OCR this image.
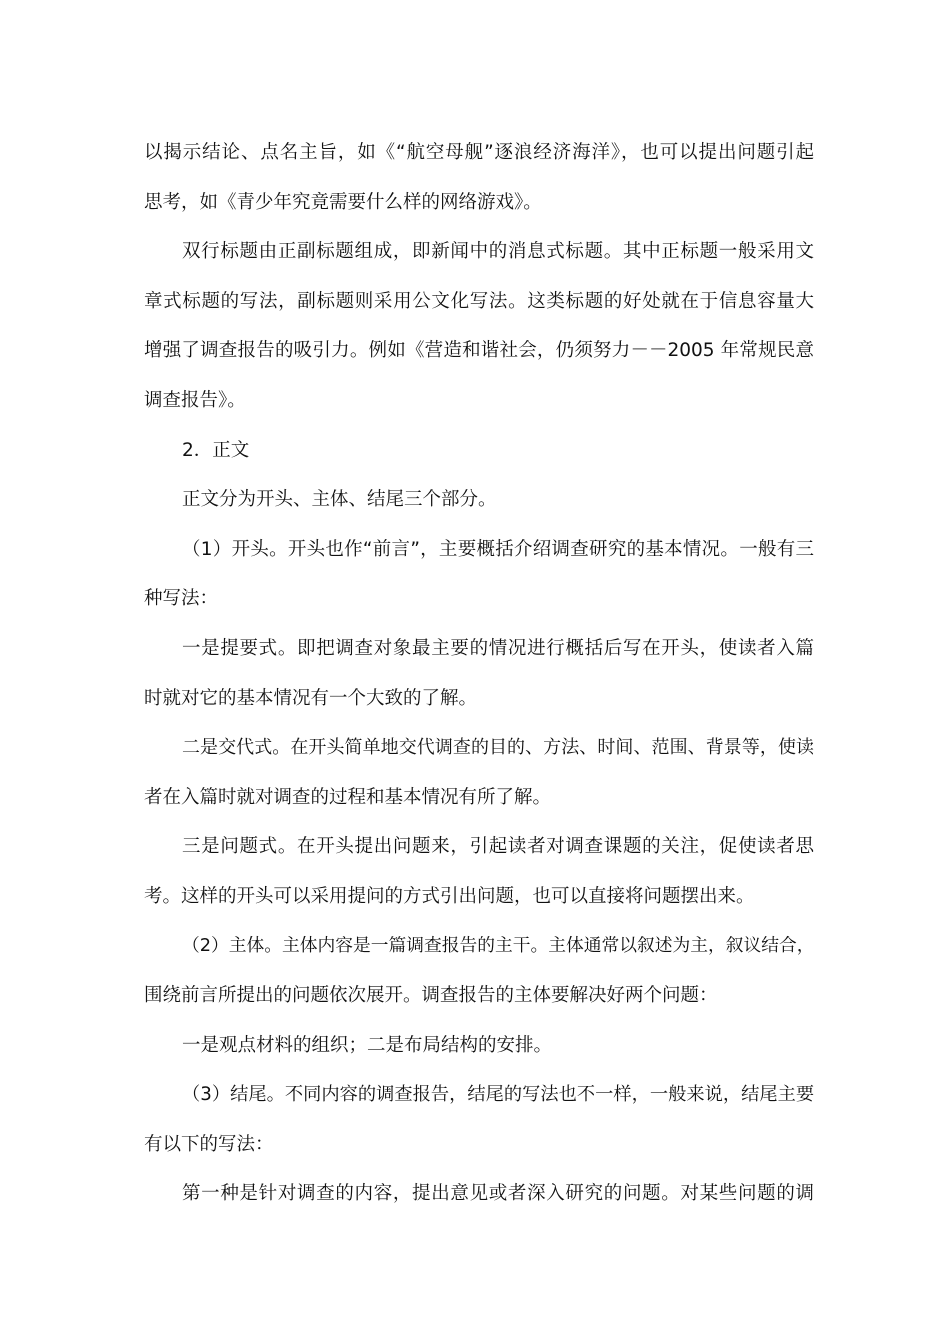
以揭示结论、点名主旨，如《“航空母舰”逐浪经济海洋》，也可以提出问题引起
思考，如《青少年究竟需要什么样的网络游戏》。
双行标题由正副标题组成，即新闻中的消息式标题。其中正标题一般采用文
章式标题的写法，副标题则采用公文化写法。这类标题的好处就在于信息容量大
增强了调查报告的吸引力。例如《营造和谐社会，仍须努力－－2005 年常规民意
调查报告》。
2．正文
正文分为开头、主体、结尾三个部分。
（1）开头。开头也作“前言”，主要概括介绍调查研究的基本情况。一般有三
种写法：
一是提要式。即把调查对象最主要的情况进行概括后写在开头，使读者入篇
时就对它的基本情况有一个大致的了解。
二是交代式。在开头简单地交代调查的目的、方法、时间、范围、背景等，使读
者在入篇时就对调查的过程和基本情况有所了解。
三是问题式。在开头提出问题来，引起读者对调查课题的关注，促使读者思
考。这样的开头可以采用提问的方式引出问题，也可以直接将问题摆出来。
（2）主体。主体内容是一篇调查报告的主干。主体通常以叙述为主，叙议结合，
围绕前言所提出的问题依次展开。调查报告的主体要解决好两个问题：
一是观点材料的组织；二是布局结构的安排。
（3）结尾。不同内容的调查报告，结尾的写法也不一样，一般来说，结尾主要
有以下的写法：
第一种是针对调查的内容，提出意见或者深入研究的问题。对某些问题的调
